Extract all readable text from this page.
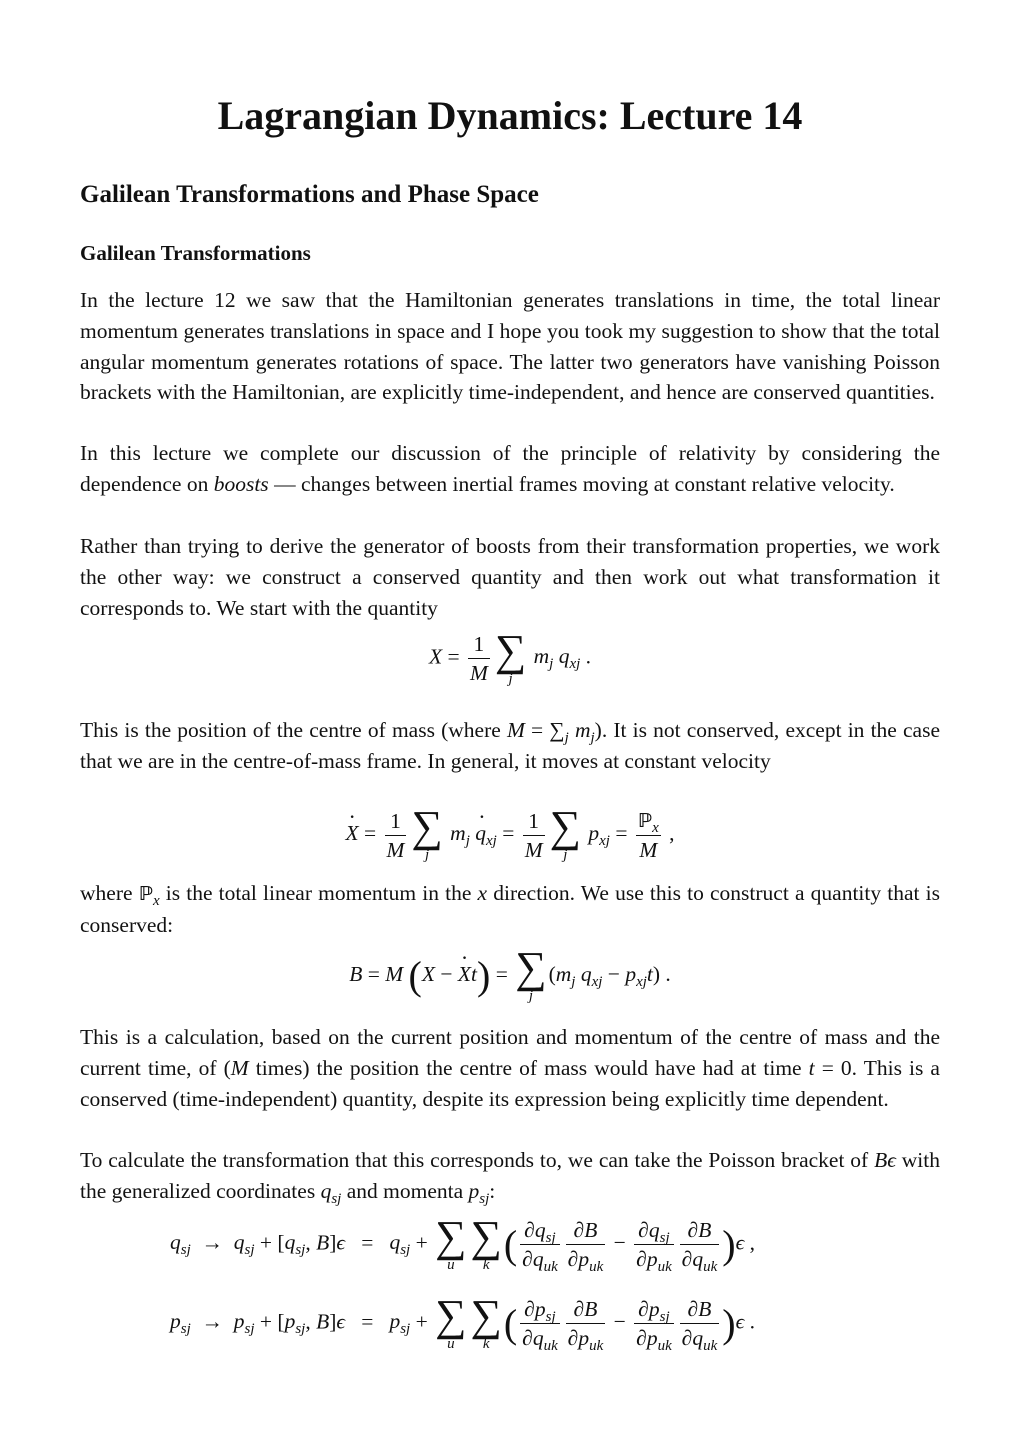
Lagrangian Dynamics: Lecture 14
Galilean Transformations and Phase Space
Galilean Transformations

In the lecture 12 we saw that the Hamiltonian generates translations in time, the total linear momentum generates translations in space and I hope you took my suggestion to show that the total angular momentum generates rotations of space. The latter two generators have vanishing Poisson brackets with the Hamiltonian, are explicitly time-independent, and hence are conserved quantities.

In this lecture we complete our discussion of the principle of relativity by considering the dependence on boosts — changes between inertial frames moving at constant relative velocity.

Rather than trying to derive the generator of boosts from their transformation properties, we work the other way: we construct a conserved quantity and then work out what transformation it corresponds to. We start with the quantity

$X = \frac{1}{M}$ ∑
j
$m_j$ $q_{xj}$ .

This is the position of the centre of mass (where $M = \sum_j$ $m_j$). It is not conserved, except in the case that we are in the centre-of-mass frame. In general, it moves at constant velocity

X · = $\frac{1}{M}$ ∑
j
$m_j$ $q \cdot_{xj} = \frac{1}{M}$ ∑
j
$p_{xj} = \frac{ℙ_x}{M}$ ,

where ℙ$_x$ is the total linear momentum in the x direction. We use this to construct a quantity that is conserved:

B = M (X − X ·t) = ∑
j
($m_j$ $q_{xj} - p_{xj}t$) .

This is a calculation, based on the current position and momentum of the centre of mass and the current time, of (M times) the position the centre of mass would have had at time t = 0. This is a conserved (time-independent) quantity, despite its expression being explicitly time dependent.

To calculate the transformation that this corresponds to, we can take the Poisson bracket of Bϵ with the generalized coordinates $q_{sj}$ and momenta $p_{sj}$:

$q_{sj} \to q_{sj} + [q_{sj}$, $B]\epsilon = q_{sj}$ + ∑
u
∑
k ( $\frac{\partial q_{sj}}{\partial q_{uk}} \frac{\partial B}{\partial p_{uk}} - \frac{\partial q_{sj}}{\partial p_{uk}} \frac{\partial B}{\partial q_{uk}} )\epsilon$ ,
$p_{sj} \to p_{sj} + [p_{sj}$, $B]\epsilon = p_{sj}$ + ∑
u
∑
k ( $\frac{\partial p_{sj}}{\partial q_{uk}} \frac{\partial B}{\partial p_{uk}} - \frac{\partial p_{sj}}{\partial p_{uk}} \frac{\partial B}{\partial q_{uk}} )\epsilon$ .
